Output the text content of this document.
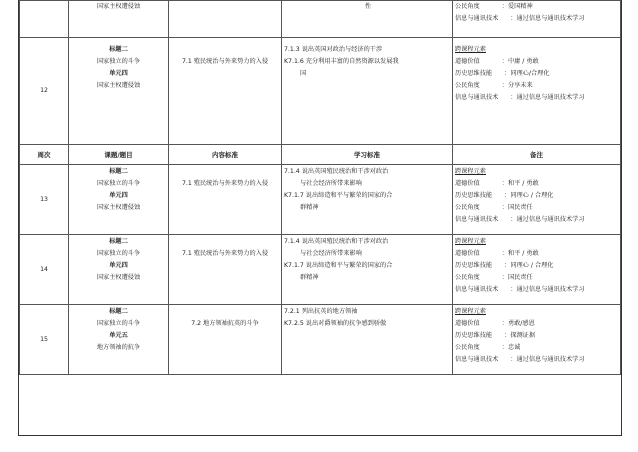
	国家主权遭侵蚀		性	公民角度 ：爱国精神
信息与通讯技术 ：通过信息与通讯技术学习

12	标题二
国家独立的斗争
单元四
国家主权遭侵蚀	7.1 殖民统治与外来势力的入侵	7.1.3 说出英国对政治与经济的干涉
K7.1.6 充分利用丰富的自然资源以发展我
国	跨课程元素
道德价值 ：中庸 / 勇敢
历史思维技能 ：同理心/合理化
公民角度 ：分享未来
信息与通讯技术 ：通过信息与通讯技术学习

周次	课题/题目	内容标准	学习标准	备注
13	标题二
国家独立的斗争
单元四
国家主权遭侵蚀	7.1 殖民统治与外来势力的入侵	7.1.4 说出英国殖民统治和干涉对政治
与社会经济所带来影响
K7.1.7 说出缔造和平与繁荣的国家的合
群精神	跨课程元素
道德价值 ：和平 / 勇敢
历史思维技能 ：同理心 / 合理化
公民角度 ：国民责任
信息与通讯技术 ：通过信息与通讯技术学习

14	标题二
国家独立的斗争
单元四
国家主权遭侵蚀	7.1 殖民统治与外来势力的入侵	7.1.4 说出英国殖民统治和干涉对政治
与社会经济所带来影响
K7.1.7 说出缔造和平与繁荣的国家的合
群精神	跨课程元素
道德价值 ：和平 / 勇敢
历史思维技能 ：同理心 / 合理化
公民角度 ：国民责任
信息与通讯技术 ：通过信息与通讯技术学习

15	标题二
国家独立的斗争
单元五
地方领袖的抗争	7.2 地方领袖抗英的斗争	7.2.1 列出抗英的地方领袖
K7.2.5 说出对爵领袖的抗争感到骄傲	跨课程元素
道德价值 ：勇敢/感恩
历史思维技能 ：探测证据
公民角度 ：忠诚
信息与通讯技术 ：通过信息与通讯技术学习
